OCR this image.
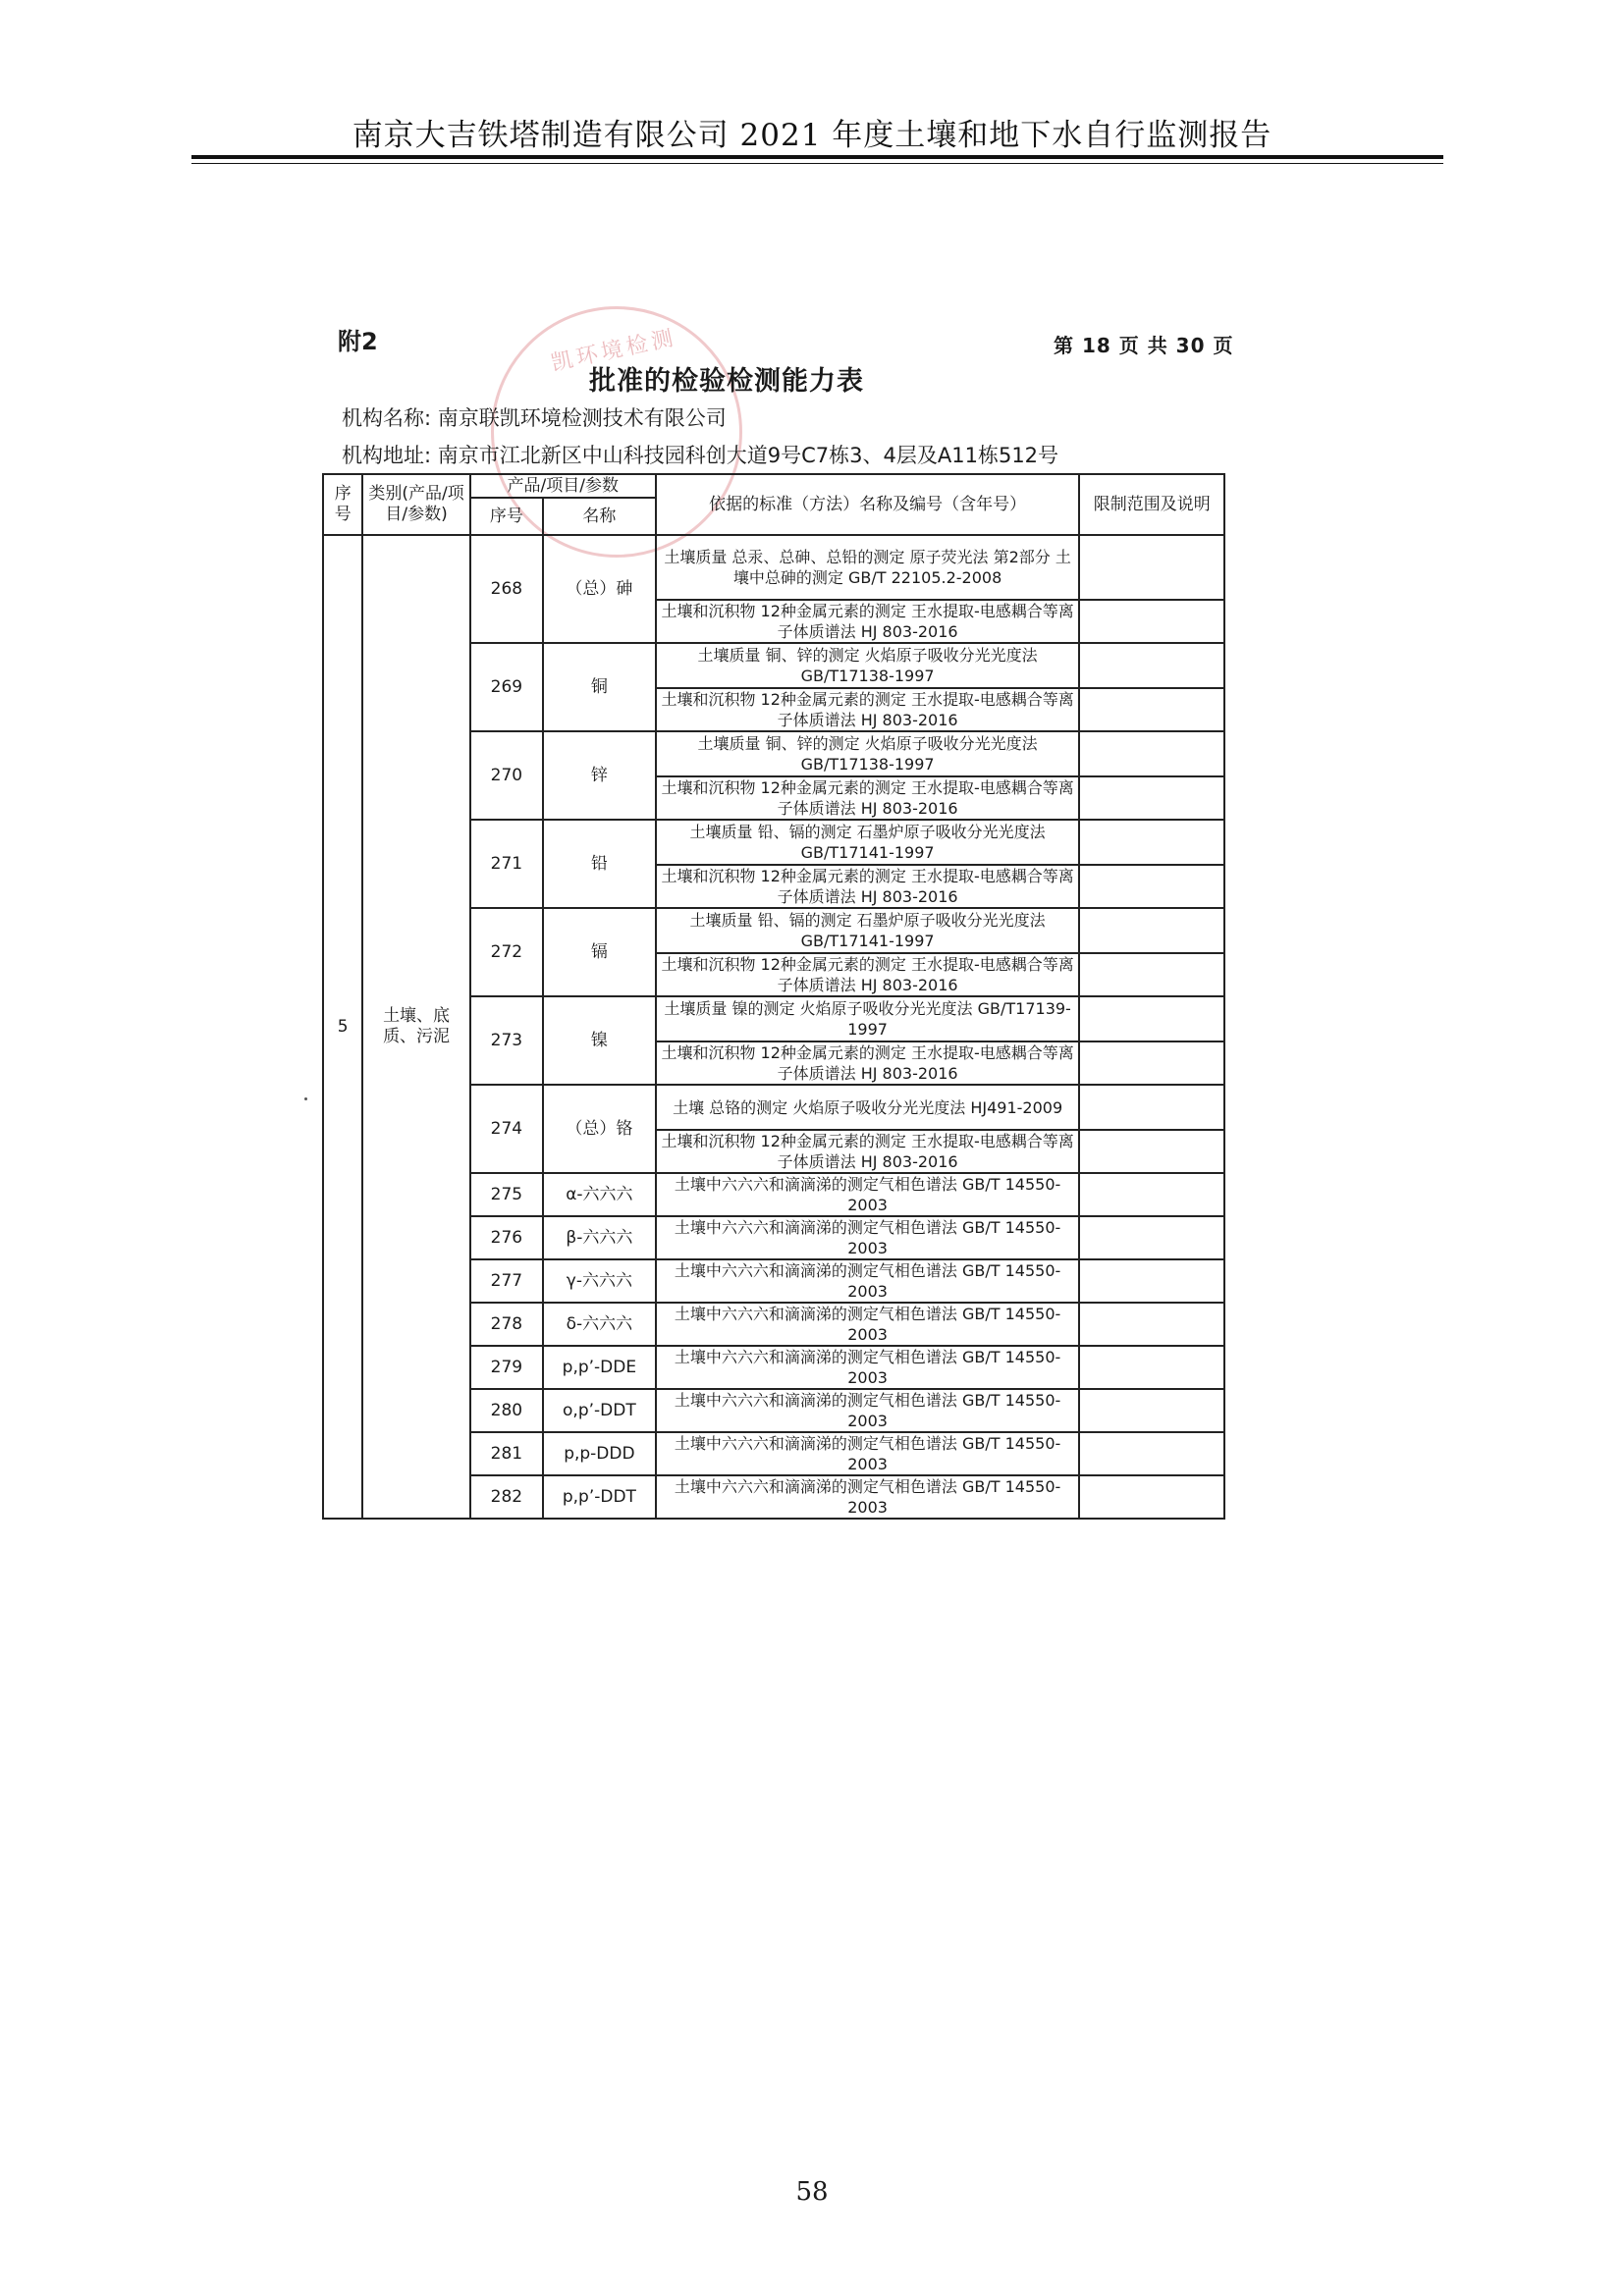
南京大吉铁塔制造有限公司 2021 年度土壤和地下水自行监测报告
凯环境检测
附2	第 18 页 共 30 页
批准的检验检测能力表
机构名称: 南京联凯环境检测技术有限公司
机构地址: 南京市江北新区中山科技园科创大道9号C7栋3、4层及A11栋512号
序号	类别(产品/项目/参数)	产品/项目/参数		依据的标准（方法）名称及编号（含年号）	限制范围及说明
		序号	名称		
5	土壤、底质、污泥	268	（总）砷	土壤质量 总汞、总砷、总铅的测定 原子荧光法 第2部分 土壤中总砷的测定 GB/T 22105.2-2008	
				土壤和沉积物 12种金属元素的测定 王水提取-电感耦合等离子体质谱法 HJ 803-2016	
		269	铜	土壤质量 铜、锌的测定 火焰原子吸收分光光度法 GB/T17138-1997	
				土壤和沉积物 12种金属元素的测定 王水提取-电感耦合等离子体质谱法 HJ 803-2016	
		270	锌	土壤质量 铜、锌的测定 火焰原子吸收分光光度法 GB/T17138-1997	
				土壤和沉积物 12种金属元素的测定 王水提取-电感耦合等离子体质谱法 HJ 803-2016	
		271	铅	土壤质量 铅、镉的测定 石墨炉原子吸收分光光度法GB/T17141-1997	
				土壤和沉积物 12种金属元素的测定 王水提取-电感耦合等离子体质谱法 HJ 803-2016	
		272	镉	土壤质量 铅、镉的测定 石墨炉原子吸收分光光度法GB/T17141-1997	
				土壤和沉积物 12种金属元素的测定 王水提取-电感耦合等离子体质谱法 HJ 803-2016	
		273	镍	土壤质量 镍的测定 火焰原子吸收分光光度法 GB/T17139-1997	
				土壤和沉积物 12种金属元素的测定 王水提取-电感耦合等离子体质谱法 HJ 803-2016	
		274	（总）铬	土壤 总铬的测定 火焰原子吸收分光光度法 HJ491-2009	
				土壤和沉积物 12种金属元素的测定 王水提取-电感耦合等离子体质谱法 HJ 803-2016	
		275	α-六六六	土壤中六六六和滴滴涕的测定气相色谱法 GB/T 14550-2003	
		276	β-六六六	土壤中六六六和滴滴涕的测定气相色谱法 GB/T 14550-2003	
		277	γ-六六六	土壤中六六六和滴滴涕的测定气相色谱法 GB/T 14550-2003	
		278	δ-六六六	土壤中六六六和滴滴涕的测定气相色谱法 GB/T 14550-2003	
		279	p,p’-DDE	土壤中六六六和滴滴涕的测定气相色谱法 GB/T 14550-2003	
		280	o,p’-DDT	土壤中六六六和滴滴涕的测定气相色谱法 GB/T 14550-2003	
		281	p,p-DDD	土壤中六六六和滴滴涕的测定气相色谱法 GB/T 14550-2003	
		282	p,p’-DDT	土壤中六六六和滴滴涕的测定气相色谱法 GB/T 14550-2003	
58
